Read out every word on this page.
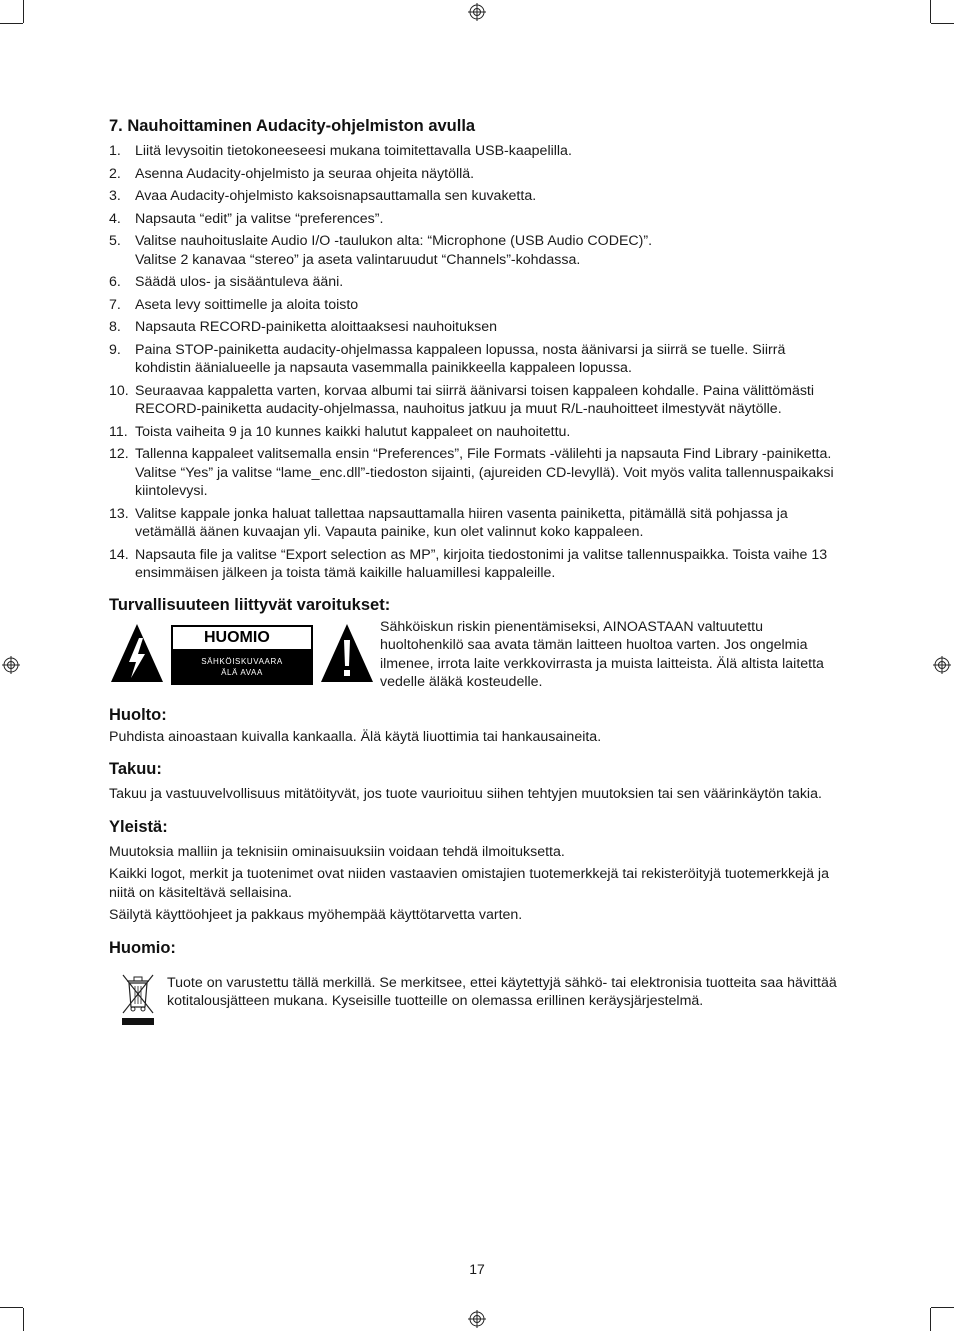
7. Nauhoittaminen Audacity-ohjelmiston avulla
1. Liitä levysoitin tietokoneeseesi mukana toimitettavalla USB-kaapelilla.
2. Asenna Audacity-ohjelmisto ja seuraa ohjeita näytöllä.
3. Avaa Audacity-ohjelmisto kaksoisnapsauttamalla sen kuvaketta.
4. Napsauta “edit” ja valitse “preferences”.
5. Valitse nauhoituslaite Audio I/O -taulukon alta: “Microphone (USB Audio CODEC)”.
Valitse 2 kanavaa “stereo” ja aseta valintaruudut “Channels”-kohdassa.
6. Säädä ulos- ja sisääntuleva ääni.
7. Aseta levy soittimelle ja aloita toisto
8. Napsauta RECORD-painiketta aloittaaksesi nauhoituksen
9. Paina STOP-painiketta audacity-ohjelmassa kappaleen lopussa, nosta äänivarsi ja siirrä se tuelle. Siirrä kohdistin äänialueelle ja napsauta vasemmalla painikkeella kappaleen lopussa.
10. Seuraavaa kappaletta varten, korvaa albumi tai siirrä äänivarsi toisen kappaleen kohdalle. Paina välittömästi RECORD-painiketta audacity-ohjelmassa, nauhoitus jatkuu ja muut R/L-nauhoitteet ilmestyvät näytölle.
11. Toista vaiheita 9 ja 10 kunnes kaikki halutut kappaleet on nauhoitettu.
12. Tallenna kappaleet valitsemalla ensin “Preferences”, File Formats -välilehti ja napsauta Find Library -painiketta. Valitse “Yes” ja valitse “lame_enc.dll”-tiedoston sijainti, (ajureiden CD-levyllä). Voit myös valita tallennuspaikaksi kiintolevysi.
13. Valitse kappale jonka haluat tallettaa napsauttamalla hiiren vasenta painiketta, pitämällä sitä pohjassa ja vetämällä äänen kuvaajan yli. Vapauta painike, kun olet valinnut koko kappaleen.
14. Napsauta file ja valitse “Export selection as MP”, kirjoita tiedostonimi ja valitse tallennuspaikka. Toista vaihe 13 ensimmäisen jälkeen ja toista tämä kaikille haluamillesi kappaleille.
Turvallisuuteen liittyvät varoitukset:
HUOMIO
SÄHKÖISKUVAARA
ÄLÄ AVAA
Sähköiskun riskin pienentämiseksi, AINOASTAAN valtuutettu huoltohenkilö saa avata tämän laitteen huoltoa varten. Jos ongelmia ilmenee, irrota laite verkkovirrasta ja muista laitteista. Älä altista laitetta vedelle äläkä kosteudelle.
Huolto:

Puhdista ainoastaan kuivalla kankaalla. Älä käytä liuottimia tai hankausaineita.

Takuu:

Takuu ja vastuuvelvollisuus mitätöityvät, jos tuote vaurioituu siihen tehtyjen muutoksien tai sen väärinkäytön takia.

Yleistä:

Muutoksia malliin ja teknisiin ominaisuuksiin voidaan tehdä ilmoituksetta.

Kaikki logot, merkit ja tuotenimet ovat niiden vastaavien omistajien tuotemerkkejä tai rekisteröityjä tuotemerkkejä ja niitä on käsiteltävä sellaisina.

Säilytä käyttöohjeet ja pakkaus myöhempää käyttötarvetta varten.

Huomio:
Tuote on varustettu tällä merkillä. Se merkitsee, ettei käytettyjä sähkö- tai elektronisia tuotteita saa hävittää kotitalousjätteen mukana. Kyseisille tuotteille on olemassa erillinen keräysjärjestelmä.
17
